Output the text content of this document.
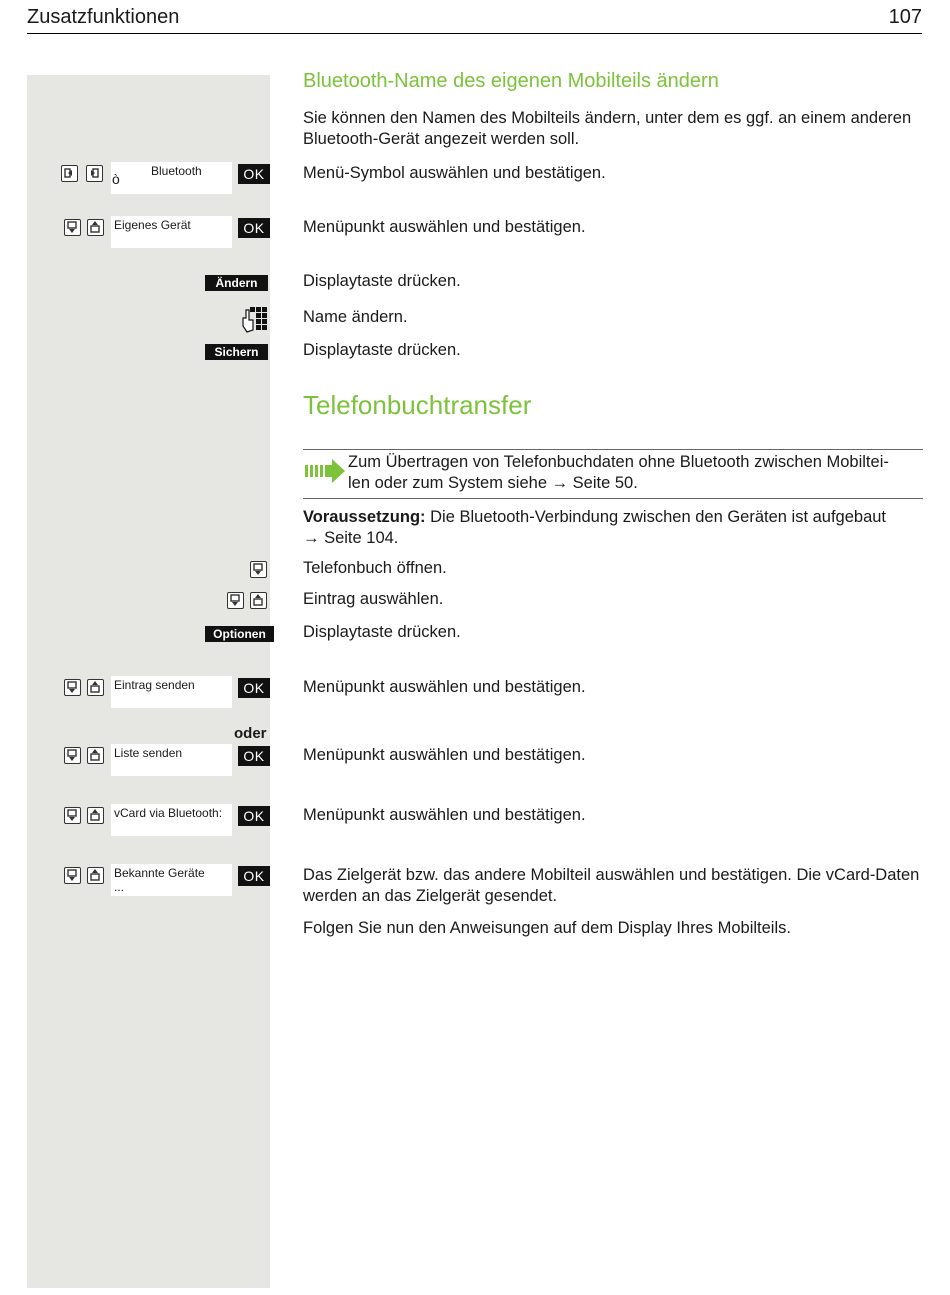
Zusatzfunktionen	107
Bluetooth-Name des eigenen Mobilteils ändern
Sie können den Namen des Mobilteils ändern, unter dem es ggf. an einem anderen Bluetooth-Gerät angezeit werden soll.
Bluetooth
ò	OK	Menü-Symbol auswählen und bestätigen.
Eigenes Gerät	OK	Menüpunkt auswählen und bestätigen.
Ändern	Displaytaste drücken.
Name ändern.
Sichern	Displaytaste drücken.
Telefonbuchtransfer
Zum Übertragen von Telefonbuchdaten ohne Bluetooth zwischen Mobiltei-
len oder zum System siehe → Seite 50.
Voraussetzung: Die Bluetooth-Verbindung zwischen den Geräten ist aufgebaut
→ Seite 104.
Telefonbuch öffnen.
Eintrag auswählen.
Optionen	Displaytaste drücken.
Eintrag senden	OK	Menüpunkt auswählen und bestätigen.
oder
Liste senden	OK	Menüpunkt auswählen und bestätigen.
vCard via Bluetooth:	OK	Menüpunkt auswählen und bestätigen.
Bekannte Geräte
...
OK	Das Zielgerät bzw. das andere Mobilteil auswählen und bestätigen. Die vCard-Daten werden an das Zielgerät gesendet.
Folgen Sie nun den Anweisungen auf dem Display Ihres Mobilteils.
